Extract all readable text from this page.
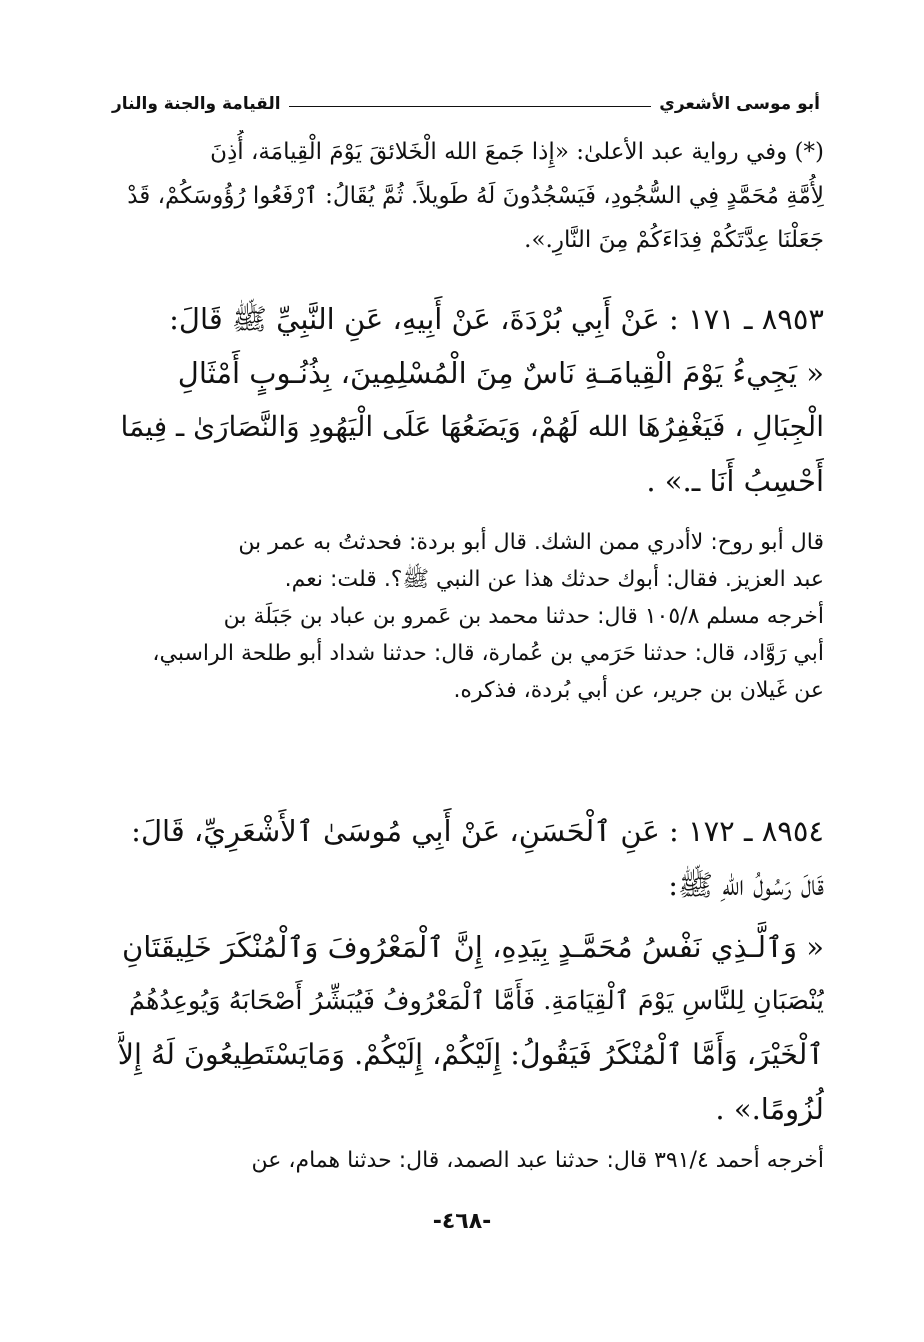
أبو موسى الأشعري
القيامة والجنة والنار
(*) وفي رواية عبد الأعلىٰ: «إِذا جَمعَ الله الْخَلائقَ يَوْمَ الْقِيامَة، أُذِنَ
لِأُمَّةِ مُحَمَّدٍ فِي السُّجُودِ، فَيَسْجُدُونَ لَهُ طَويلاً. ثُمَّ يُقَالُ: ٱرْفَعُوا رُؤُوسَكُمْ، قَدْ
جَعَلْنَا عِدَّتَكُمْ فِدَاءَكُمْ مِنَ النَّارِ.».
٨٩٥٣ ـ ١٧١ : عَنْ أَبِي بُرْدَةَ، عَنْ أَبِيهِ، عَنِ النَّبِيِّ ﷺ قَالَ:
« يَجِيءُ يَوْمَ الْقِيامَـةِ نَاسٌ مِنَ الْمُسْلِمِينَ، بِذُنُـوبٍ أَمْثَالِ
الْجِبَالِ ، فَيَغْفِرُهَا الله لَهُمْ، وَيَضَعُهَا عَلَى الْيَهُودِ وَالنَّصَارَىٰ ـ فِيمَا
أَحْسِبُ أَنَا ـ.» .
قال أبو روح: لاأدري ممن الشك. قال أبو بردة: فحدثتُ به عمر بن
عبد العزيز. فقال: أبوك حدثك هذا عن النبي ﷺ؟. قلت: نعم.
أخرجه مسلم ١٠٥/٨ قال: حدثنا محمد بن عَمرو بن عباد بن جَبَلَة بن
أبي رَوَّاد، قال: حدثنا حَرَمي بن عُمارة، قال: حدثنا شداد أبو طلحة الراسبي،
عن غَيلان بن جرير، عن أبي بُردة، فذكره.
٨٩٥٤ ـ ١٧٢ : عَنِ ٱلْحَسَنِ، عَنْ أَبِي مُوسَىٰ ٱلأَشْعَرِيِّ، قَالَ:
قَالَ رَسُولُ اللهِ ﷺ:
« وَٱلَّـذِي نَفْسُ مُحَمَّـدٍ بِيَدِهِ، إِنَّ ٱلْمَعْرُوفَ وَٱلْمُنْكَرَ خَلِيقَتَانِ
يُنْصَبَانِ لِلنَّاسِ يَوْمَ ٱلْقِيَامَةِ. فَأَمَّا ٱلْمَعْرُوفُ فَيُبَشِّرُ أَصْحَابَهُ وَيُوعِدُهُمُ
ٱلْخَيْرَ، وَأَمَّا ٱلْمُنْكَرُ فَيَقُولُ: إِلَيْكُمْ، إِلَيْكُمْ. وَمَايَسْتَطِيعُونَ لَهُ إِلاَّ
لُزُومًا.» .
أخرجه أحمد ٣٩١/٤ قال: حدثنا عبد الصمد، قال: حدثنا همام، عن
-٤٦٨-
